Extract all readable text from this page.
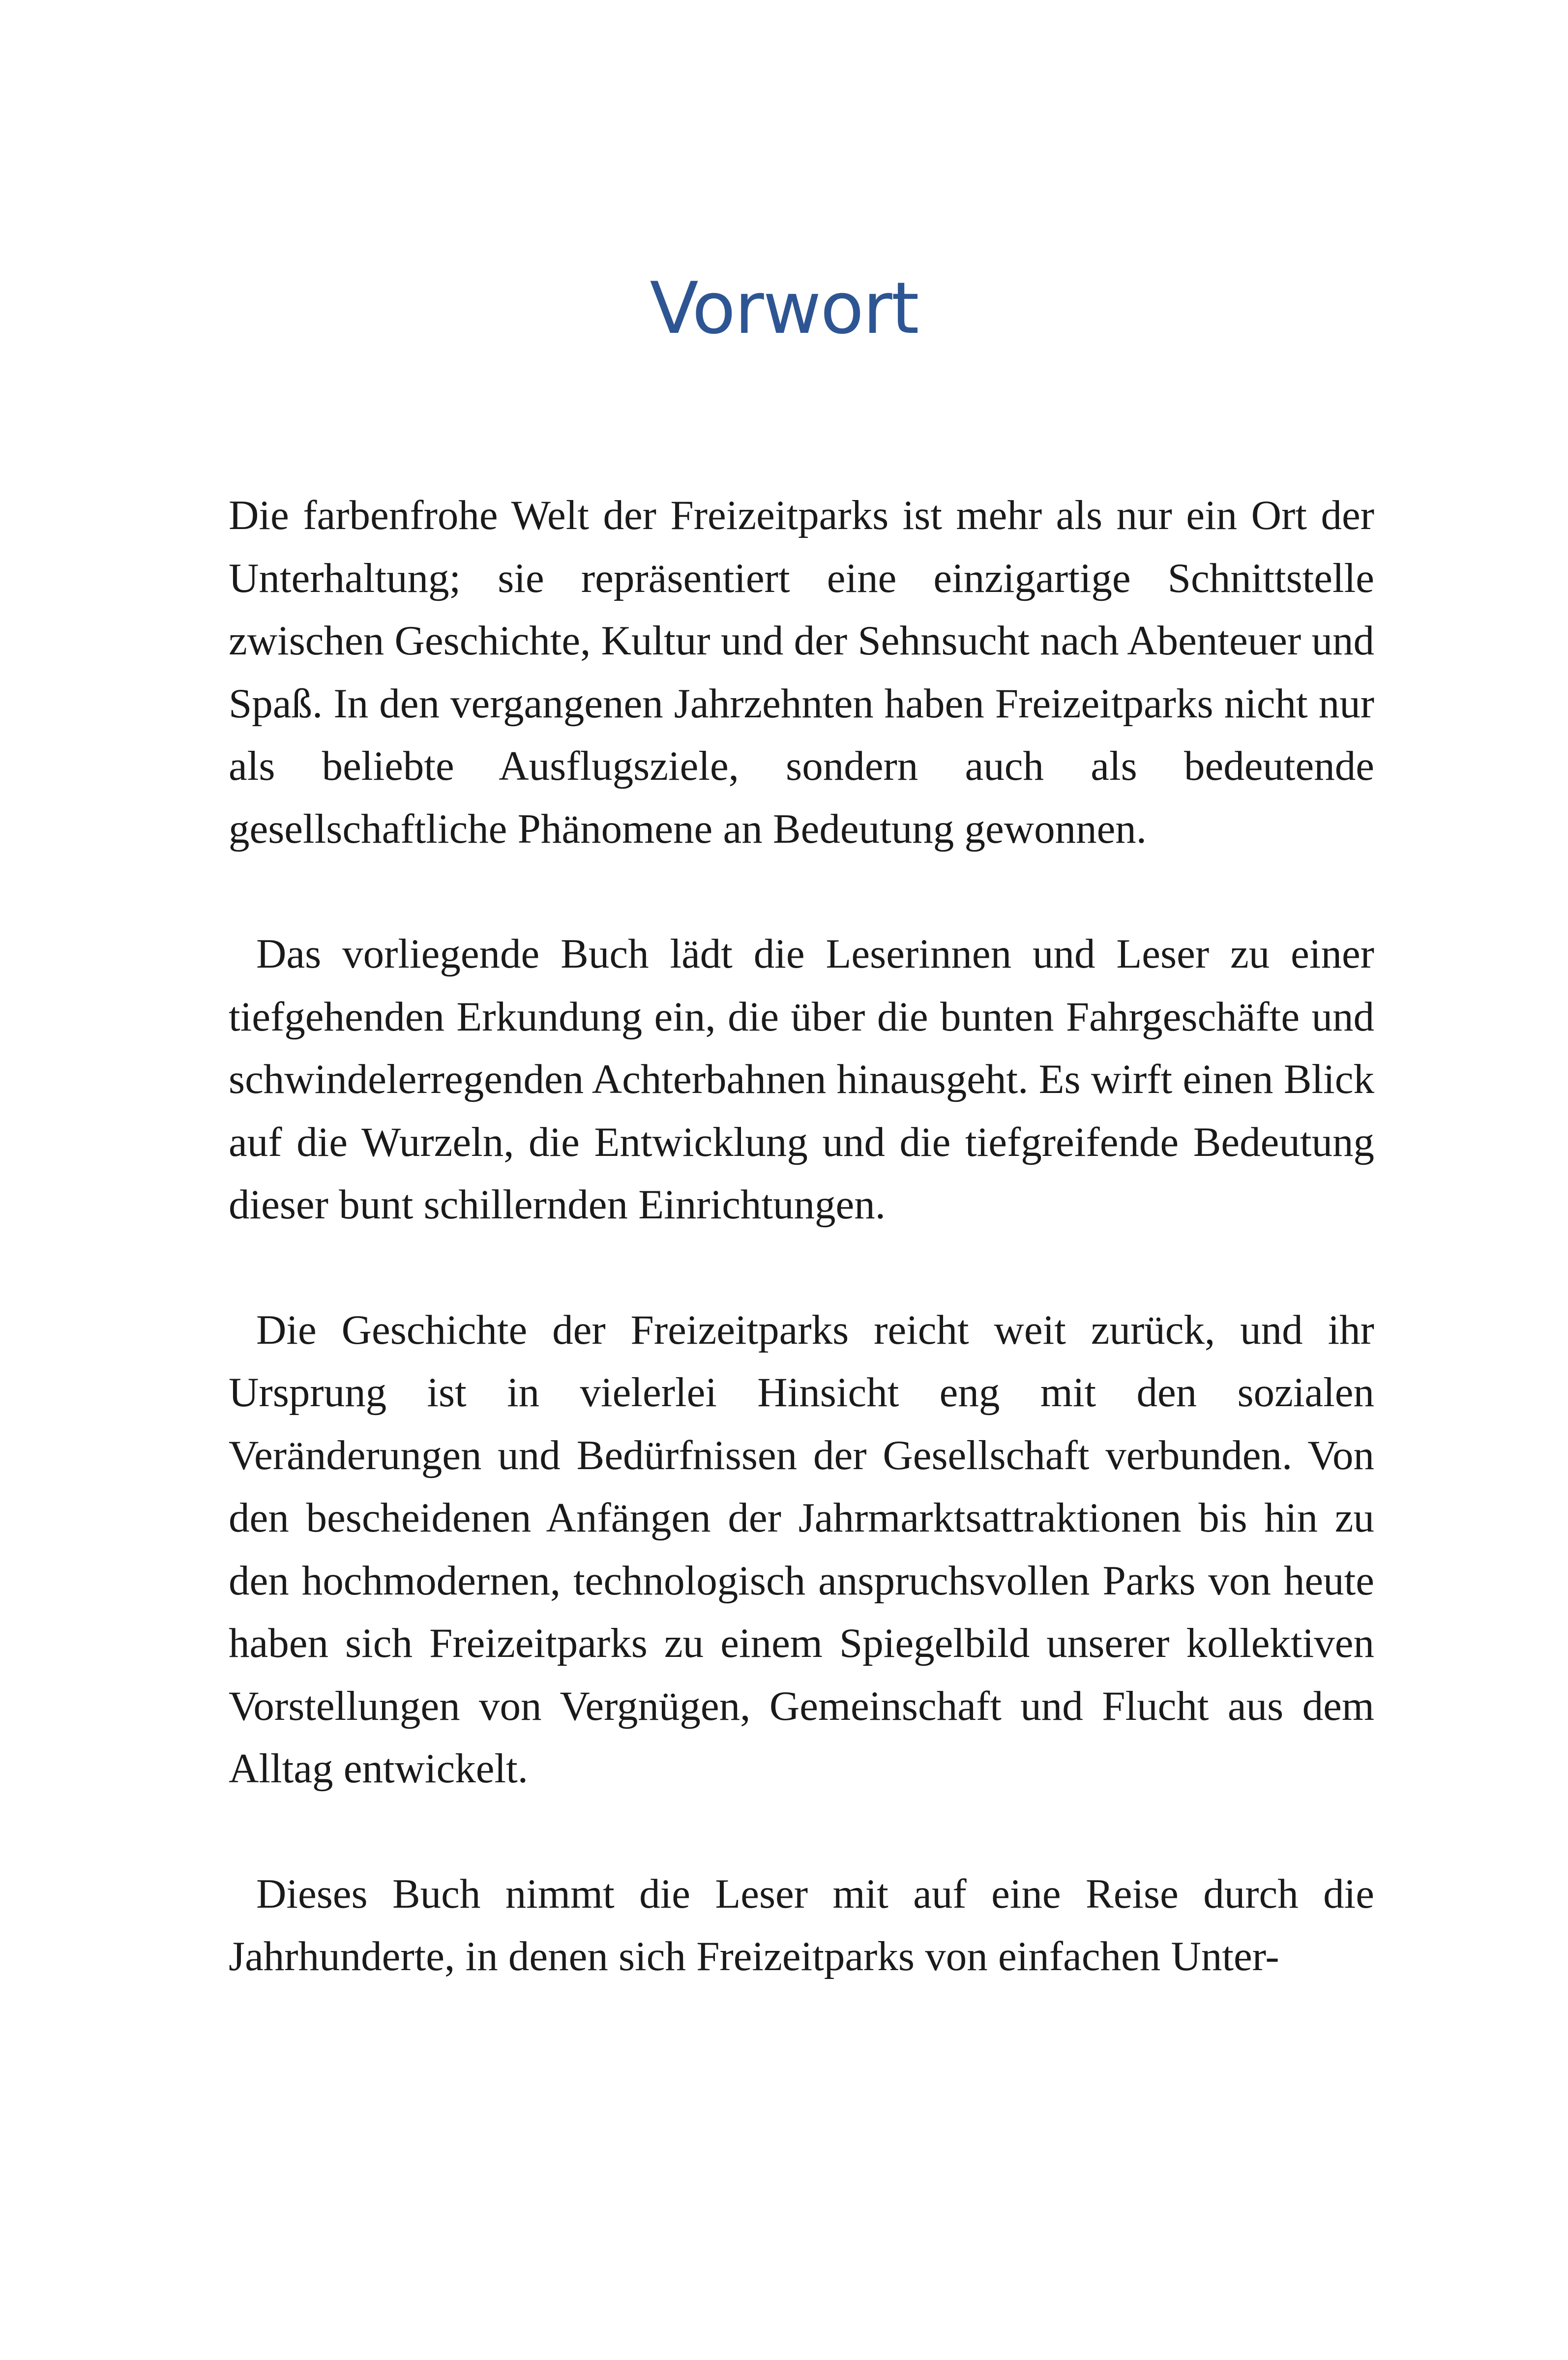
Vorwort

Die farbenfrohe Welt der Freizeitparks ist mehr als nur ein Ort der Unterhaltung; sie repräsentiert eine einzigartige Schnittstelle zwischen Geschichte, Kultur und der Sehnsucht nach Abenteuer und Spaß. In den vergangenen Jahrzehnten haben Freizeitparks nicht nur als beliebte Ausflugsziele, sondern auch als bedeutende gesellschaftliche Phänomene an Bedeutung gewonnen.

Das vorliegende Buch lädt die Leserinnen und Leser zu einer tiefgehenden Erkundung ein, die über die bunten Fahrgeschäfte und schwindelerregenden Achterbahnen hinausgeht. Es wirft einen Blick auf die Wurzeln, die Entwicklung und die tiefgreifende Bedeutung dieser bunt schillernden Einrichtungen.

Die Geschichte der Freizeitparks reicht weit zurück, und ihr Ursprung ist in vielerlei Hinsicht eng mit den sozialen Veränderungen und Bedürfnissen der Gesellschaft verbunden. Von den bescheidenen Anfängen der Jahrmarktsattraktionen bis hin zu den hochmodernen, technologisch anspruchsvollen Parks von heute haben sich Freizeitparks zu einem Spiegelbild unserer kollektiven Vorstellungen von Vergnügen, Gemeinschaft und Flucht aus dem Alltag entwickelt.

Dieses Buch nimmt die Leser mit auf eine Reise durch die Jahrhunderte, in denen sich Freizeitparks von einfachen Unter-
